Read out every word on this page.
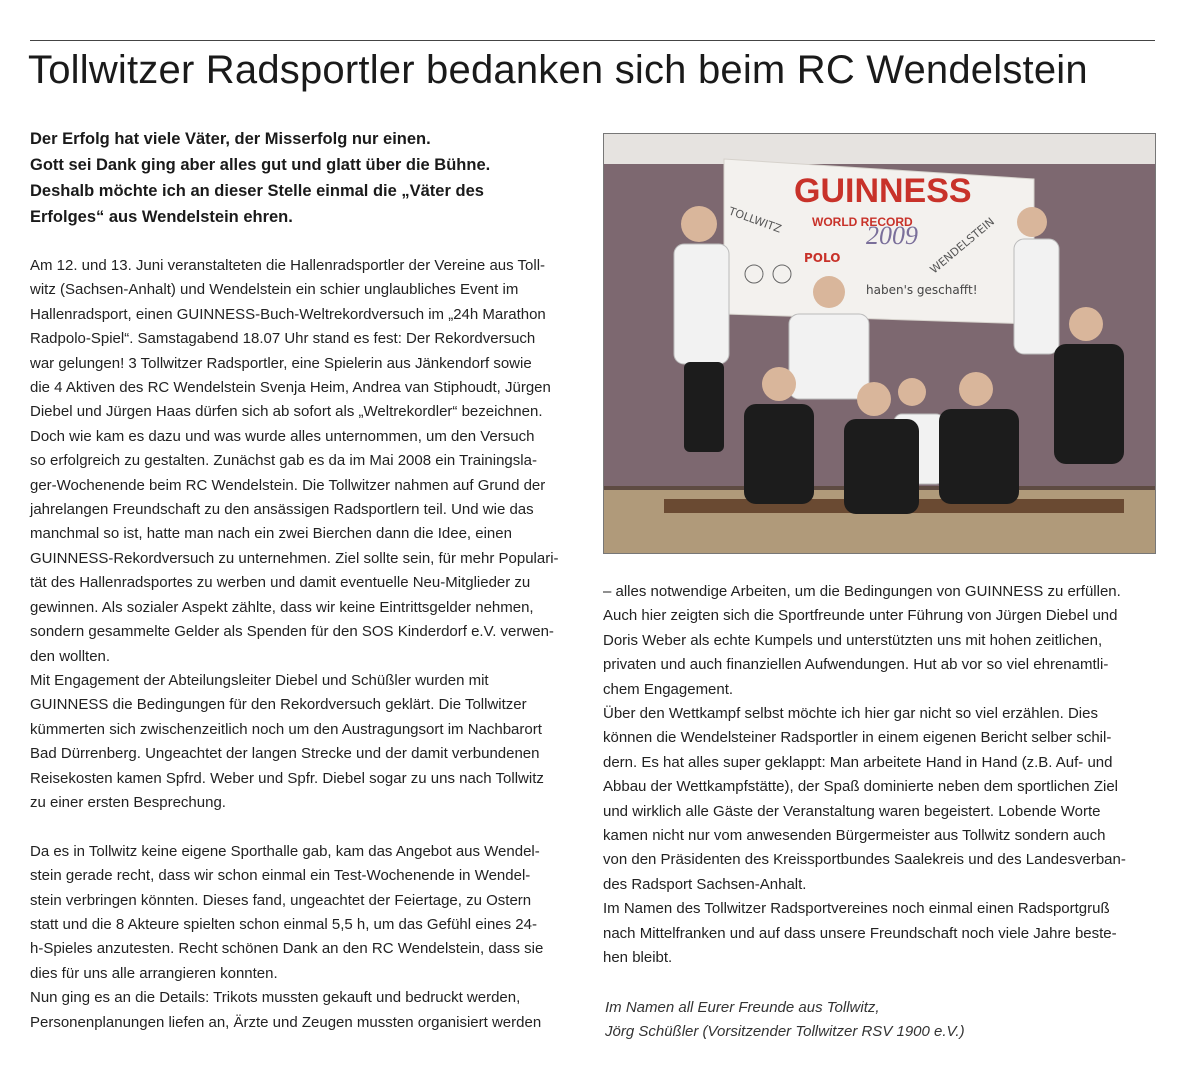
Tollwitzer Radsportler bedanken sich beim RC Wendelstein
Der Erfolg hat viele Väter, der Misserfolg nur einen.
Gott sei Dank ging aber alles gut und glatt über die Bühne.
Deshalb möchte ich an dieser Stelle einmal die „Väter des
Erfolges“ aus Wendelstein ehren.
Am 12. und 13. Juni veranstalteten die Hallenradsportler der Vereine aus Toll-
witz (Sachsen-Anhalt) und Wendelstein ein schier unglaubliches Event im
Hallenradsport, einen GUINNESS-Buch-Weltrekordversuch im „24h Marathon
Radpolo-Spiel“. Samstagabend 18.07 Uhr stand es fest: Der Rekordversuch
war gelungen! 3 Tollwitzer Radsportler, eine Spielerin aus Jänkendorf sowie
die 4 Aktiven des RC Wendelstein Svenja Heim, Andrea van Stiphoudt, Jürgen
Diebel und Jürgen Haas dürfen sich ab sofort als „Weltrekordler“ bezeichnen.
Doch wie kam es dazu und was wurde alles unternommen, um den Versuch
so erfolgreich zu gestalten. Zunächst gab es da im Mai 2008 ein Trainingsla-
ger-Wochenende beim RC Wendelstein. Die Tollwitzer nahmen auf Grund der
jahrelangen Freundschaft zu den ansässigen Radsportlern teil. Und wie das
manchmal so ist, hatte man nach ein zwei Bierchen dann die Idee, einen
GUINNESS-Rekordversuch zu unternehmen. Ziel sollte sein, für mehr Populari-
tät des Hallenradsportes zu werben und damit eventuelle Neu-Mitglieder zu
gewinnen. Als sozialer Aspekt zählte, dass wir keine Eintrittsgelder nehmen,
sondern gesammelte Gelder als Spenden für den SOS Kinderdorf e.V. verwen-
den wollten.
Mit Engagement der Abteilungsleiter Diebel und Schüßler wurden mit
GUINNESS die Bedingungen für den Rekordversuch geklärt. Die Tollwitzer
kümmerten sich zwischenzeitlich noch um den Austragungsort im Nachbarort
Bad Dürrenberg. Ungeachtet der langen Strecke und der damit verbundenen
Reisekosten kamen Spfrd. Weber und Spfr. Diebel sogar zu uns nach Tollwitz
zu einer ersten Besprechung.
Da es in Tollwitz keine eigene Sporthalle gab, kam das Angebot aus Wendel-
stein gerade recht, dass wir schon einmal ein Test-Wochenende in Wendel-
stein verbringen könnten. Dieses fand, ungeachtet der Feiertage, zu Ostern
statt und die 8 Akteure spielten schon einmal 5,5 h, um das Gefühl eines 24-
h-Spieles anzutesten. Recht schönen Dank an den RC Wendelstein, dass sie
dies für uns alle arrangieren konnten.
Nun ging es an die Details: Trikots mussten gekauft und bedruckt werden,
Personenplanungen liefen an, Ärzte und Zeugen mussten organisiert werden
GUINNESS
WORLD RECORD
2009
TOLLWITZ	WENDELSTEIN
POLO
haben's geschafft!
– alles notwendige Arbeiten, um die Bedingungen von GUINNESS zu erfüllen.
Auch hier zeigten sich die Sportfreunde unter Führung von Jürgen Diebel und
Doris Weber als echte Kumpels und unterstützten uns mit hohen zeitlichen,
privaten und auch finanziellen Aufwendungen. Hut ab vor so viel ehrenamtli-
chem Engagement.
Über den Wettkampf selbst möchte ich hier gar nicht so viel erzählen. Dies
können die Wendelsteiner Radsportler in einem eigenen Bericht selber schil-
dern. Es hat alles super geklappt: Man arbeitete Hand in Hand (z.B. Auf- und
Abbau der Wettkampfstätte), der Spaß dominierte neben dem sportlichen Ziel
und wirklich alle Gäste der Veranstaltung waren begeistert. Lobende Worte
kamen nicht nur vom anwesenden Bürgermeister aus Tollwitz sondern auch
von den Präsidenten des Kreissportbundes Saalekreis und des Landesverban-
des Radsport Sachsen-Anhalt.
Im Namen des Tollwitzer Radsportvereines noch einmal einen Radsportgruß
nach Mittelfranken und auf dass unsere Freundschaft noch viele Jahre beste-
hen bleibt.
Im Namen all Eurer Freunde aus Tollwitz,
Jörg Schüßler (Vorsitzender Tollwitzer RSV 1900 e.V.)
